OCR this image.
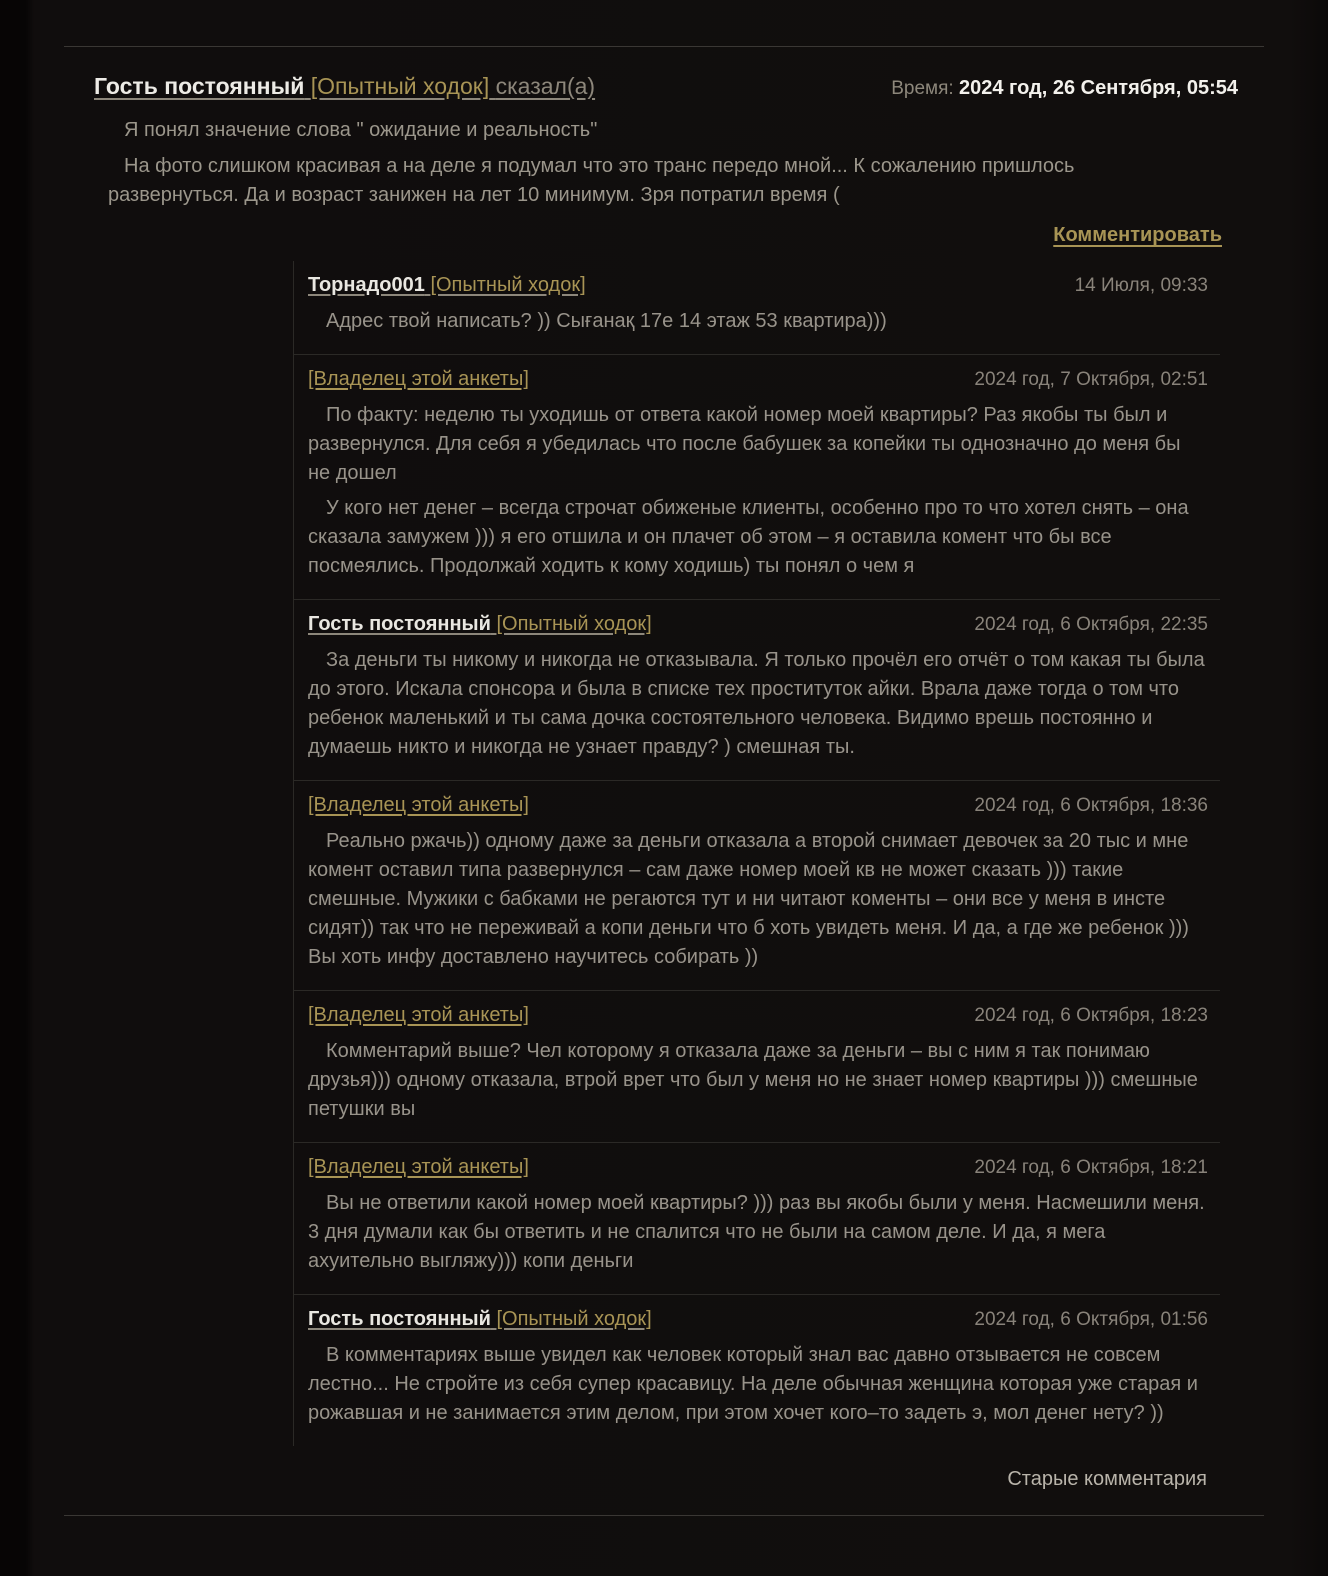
Гость постоянный [Опытный ходок] сказал(а)	Время: 2024 год, 26 Сентября, 05:54

Я понял значение слова " ожидание и реальность"

На фото слишком красивая а на деле я подумал что это транс передо мной... К сожалению пришлось развернуться. Да и возраст занижен на лет 10 минимум. Зря потратил время (

Комментировать
Торнадо001 [Опытный ходок]	14 Июля, 09:33

Адрес твой написать? )) Сығанақ 17е 14 этаж 53 квартира)))

[Владелец этой анкеты]	2024 год, 7 Октября, 02:51

По факту: неделю ты уходишь от ответа какой номер моей квартиры? Раз якобы ты был и развернулся. Для себя я убедилась что после бабушек за копейки ты однозначно до меня бы не дошел

У кого нет денег – всегда строчат обиженые клиенты, особенно про то что хотел снять – она сказала замужем ))) я его отшила и он плачет об этом – я оставила комент что бы все посмеялись. Продолжай ходить к кому ходишь) ты понял о чем я

Гость постоянный [Опытный ходок]	2024 год, 6 Октября, 22:35

За деньги ты никому и никогда не отказывала. Я только прочёл его отчёт о том какая ты была до этого. Искала спонсора и была в списке тех проституток айки. Врала даже тогда о том что ребенок маленький и ты сама дочка состоятельного человека. Видимо врешь постоянно и думаешь никто и никогда не узнает правду? ) смешная ты.

[Владелец этой анкеты]	2024 год, 6 Октября, 18:36

Реально ржачь)) одному даже за деньги отказала а второй снимает девочек за 20 тыс и мне комент оставил типа развернулся – сам даже номер моей кв не может сказать ))) такие смешные. Мужики с бабками не регаются тут и ни читают коменты – они все у меня в инсте сидят)) так что не переживай а копи деньги что б хоть увидеть меня. И да, а где же ребенок ))) Вы хоть инфу доставлено научитесь собирать ))

[Владелец этой анкеты]	2024 год, 6 Октября, 18:23

Комментарий выше? Чел которому я отказала даже за деньги – вы с ним я так понимаю друзья))) одному отказала, втрой врет что был у меня но не знает номер квартиры ))) смешные петушки вы

[Владелец этой анкеты]	2024 год, 6 Октября, 18:21

Вы не ответили какой номер моей квартиры? ))) раз вы якобы были у меня. Насмешили меня. 3 дня думали как бы ответить и не спалится что не были на самом деле. И да, я мега ахуительно выгляжу))) копи деньги

Гость постоянный [Опытный ходок]	2024 год, 6 Октября, 01:56

В комментариях выше увидел как человек который знал вас давно отзывается не совсем лестно... Не стройте из себя супер красавицу. На деле обычная женщина которая уже старая и рожавшая и не занимается этим делом, при этом хочет кого–то задеть э, мол денег нету? ))

Старые комментария
